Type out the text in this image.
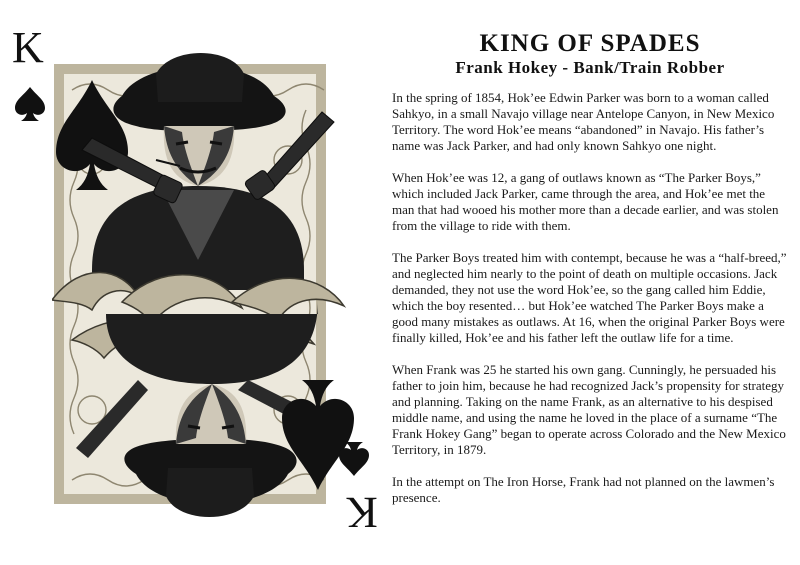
K
K
KING OF SPADES
Frank Hokey - Bank/Train Robber

In the spring of 1854, Hok’ee Edwin Parker was born to a woman called Sahkyo, in a small Navajo village near Antelope Canyon, in New Mexico Territory. The word Hok’ee means “abandoned” in Navajo. His father’s name was Jack Parker, and had only known Sahkyo one night.

When Hok’ee was 12, a gang of outlaws known as “The Parker Boys,” which included Jack Parker, came through the area, and Hok’ee met the man that had wooed his mother more than a decade earlier, and was stolen from the village to ride with them.

The Parker Boys treated him with contempt, because he was a “half-breed,” and neglected him nearly to the point of death on multiple occasions. Jack demanded, they not use the word Hok’ee, so the gang called him Eddie, which the boy resented… but Hok’ee watched The Parker Boys make a good many mistakes as outlaws. At 16, when the original Parker Boys were finally killed, Hok’ee and his father left the outlaw life for a time.

When Frank was 25 he started his own gang. Cunningly, he persuaded his father to join him, because he had recognized Jack’s propensity for strategy and planning. Taking on the name Frank, as an alternative to his despised middle name, and using the name he loved in the place of a surname “The Frank Hokey Gang” began to operate across Colorado and the New Mexico Territory, in 1879.

In the attempt on The Iron Horse, Frank had not planned on the lawmen’s presence.
